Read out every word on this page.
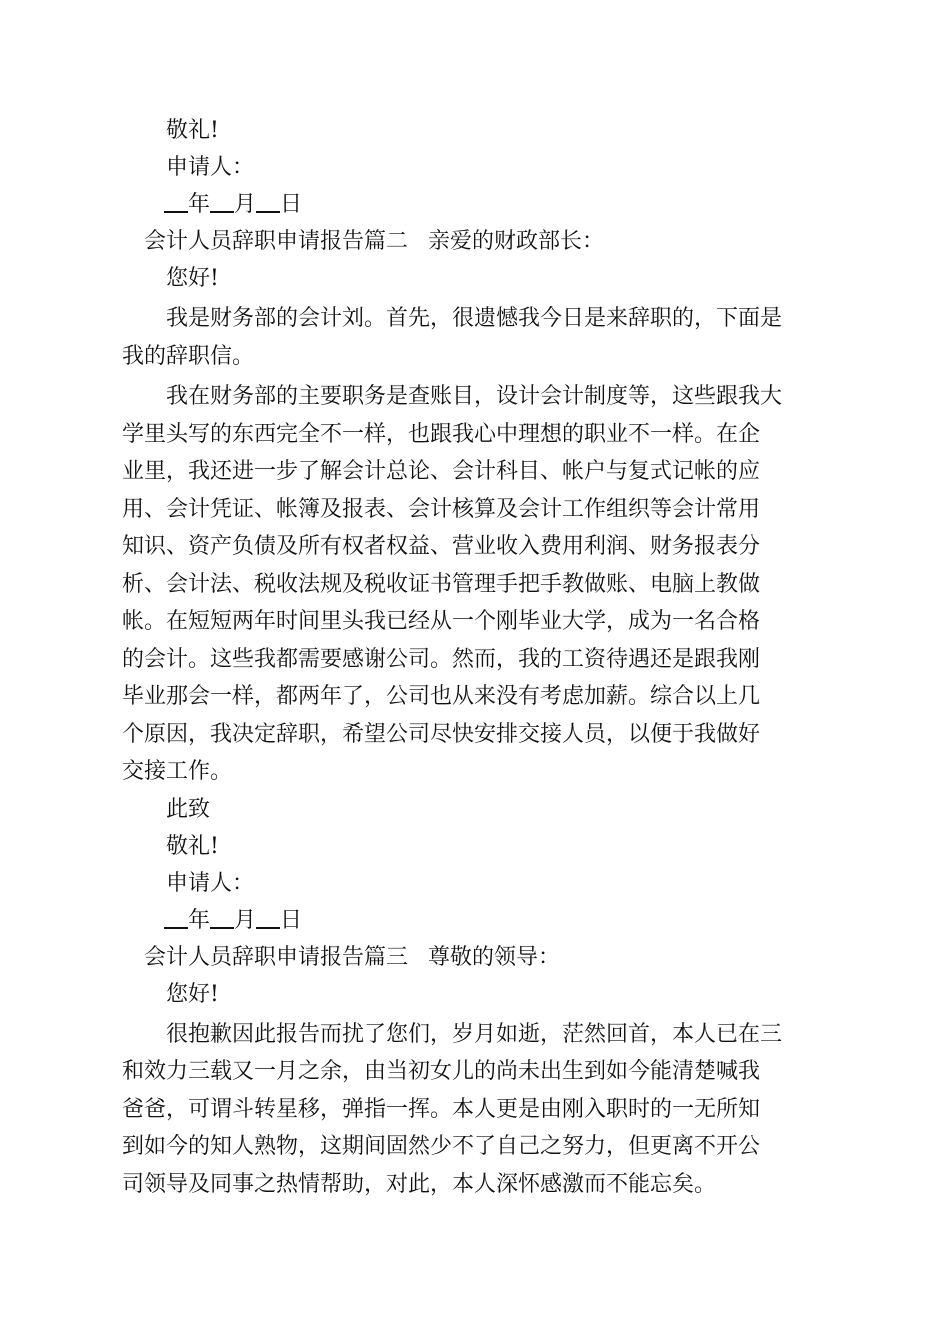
敬礼!
申请人：
年 月 日
会计人员辞职申请报告篇二 亲爱的财政部长：
您好!
我是财务部的会计刘。首先，很遗憾我今日是来辞职的，下面是
我的辞职信。
我在财务部的主要职务是查账目，设计会计制度等，这些跟我大
学里头写的东西完全不一样，也跟我心中理想的职业不一样。在企
业里，我还进一步了解会计总论、会计科目、帐户与复式记帐的应
用、会计凭证、帐簿及报表、会计核算及会计工作组织等会计常用
知识、资产负债及所有权者权益、营业收入费用利润、财务报表分
析、会计法、税收法规及税收证书管理手把手教做账、电脑上教做
帐。在短短两年时间里头我已经从一个刚毕业大学，成为一名合格
的会计。这些我都需要感谢公司。然而，我的工资待遇还是跟我刚
毕业那会一样，都两年了，公司也从来没有考虑加薪。综合以上几
个原因，我决定辞职，希望公司尽快安排交接人员，以便于我做好
交接工作。
此致
敬礼!
申请人：
年 月 日
会计人员辞职申请报告篇三 尊敬的领导：
您好!
很抱歉因此报告而扰了您们，岁月如逝，茫然回首，本人已在三
和效力三载又一月之余，由当初女儿的尚未出生到如今能清楚喊我
爸爸，可谓斗转星移，弹指一挥。本人更是由刚入职时的一无所知
到如今的知人熟物，这期间固然少不了自己之努力，但更离不开公
司领导及同事之热情帮助，对此，本人深怀感激而不能忘矣。
